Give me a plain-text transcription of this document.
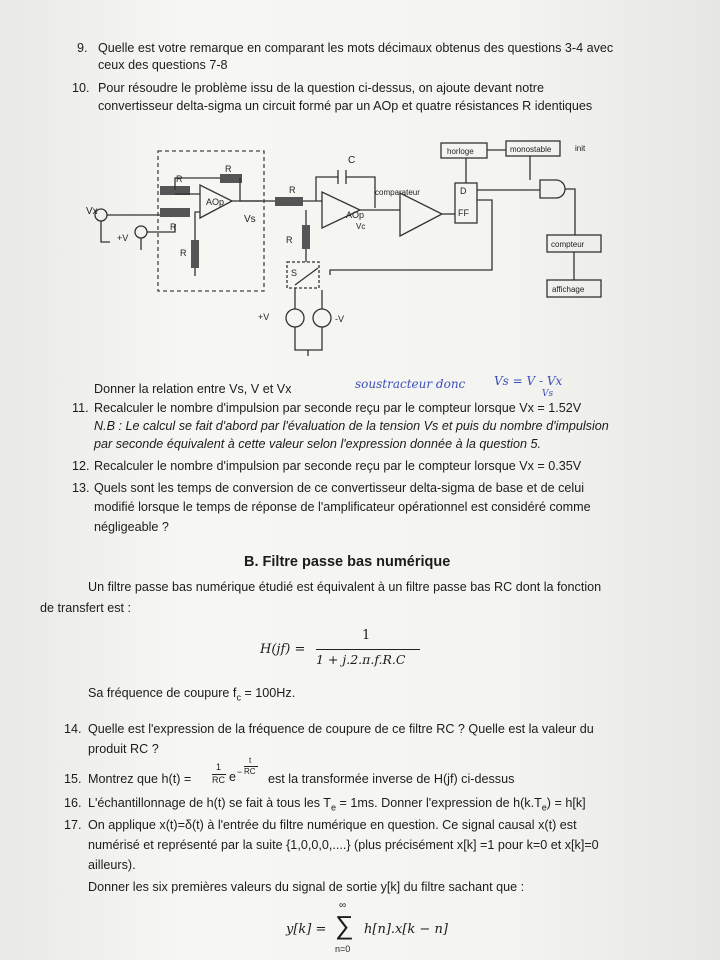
9. Quelle est votre remarque en comparant les mots décimaux obtenus des questions 3-4 avec
ceux des questions 7-8
10. Pour résoudre le problème issu de la question ci-dessus, on ajoute devant notre
convertisseur delta-sigma un circuit formé par un AOp et quatre résistances R identiques
C
R
R
AOp
Vs
Vx
+V
R
R
R
R
AOp
Vc
S
+V	-V
D
FF
comparateur
horloge	monostable	init
compteur
affichage
Donner la relation entre Vs, V et Vx	soustracteur donc Vs = V - Vx
11. Recalculer le nombre d'impulsion par seconde reçu par le compteur lorsque Vx = 1.52V
Vs
N.B : Le calcul se fait d'abord par l'évaluation de la tension Vs et puis du nombre d'impulsion
par seconde équivalent à cette valeur selon l'expression donnée à la question 5.
12. Recalculer le nombre d'impulsion par seconde reçu par le compteur lorsque Vx = 0.35V
13. Quels sont les temps de conversion de ce convertisseur delta-sigma de base et de celui
modifié lorsque le temps de réponse de l'amplificateur opérationnel est considéré comme
négligeable ?
B. Filtre passe bas numérique
Un filtre passe bas numérique étudié est équivalent à un filtre passe bas RC dont la fonction
de transfert est :
H(jf) =
1
1 + j.2.π.f.R.C
Sa fréquence de coupure $f_c = 100Hz$.
14. Quelle est l'expression de la fréquence de coupure de ce filtre RC ? Quelle est la valeur du
produit RC ?
15. Montrez que h(t) =
1
RC e −
t
RC
est la transformée inverse de H(jf) ci-dessus
16. L'échantillonnage de h(t) se fait à tous les $T_e = 1ms$. Donner l'expression de $h(k.T_e) = h[k]$
17. On applique x(t)=δ(t) à l'entrée du filtre numérique en question. Ce signal causal x(t) est
numérisé et représenté par la suite {1,0,0,0,....} (plus précisément x[k] =1 pour k=0 et x[k]=0
ailleurs).
Donner les six premières valeurs du signal de sortie y[k] du filtre sachant que :
y[k] =
∞
∑
n=0
h[n].x[k − n]
